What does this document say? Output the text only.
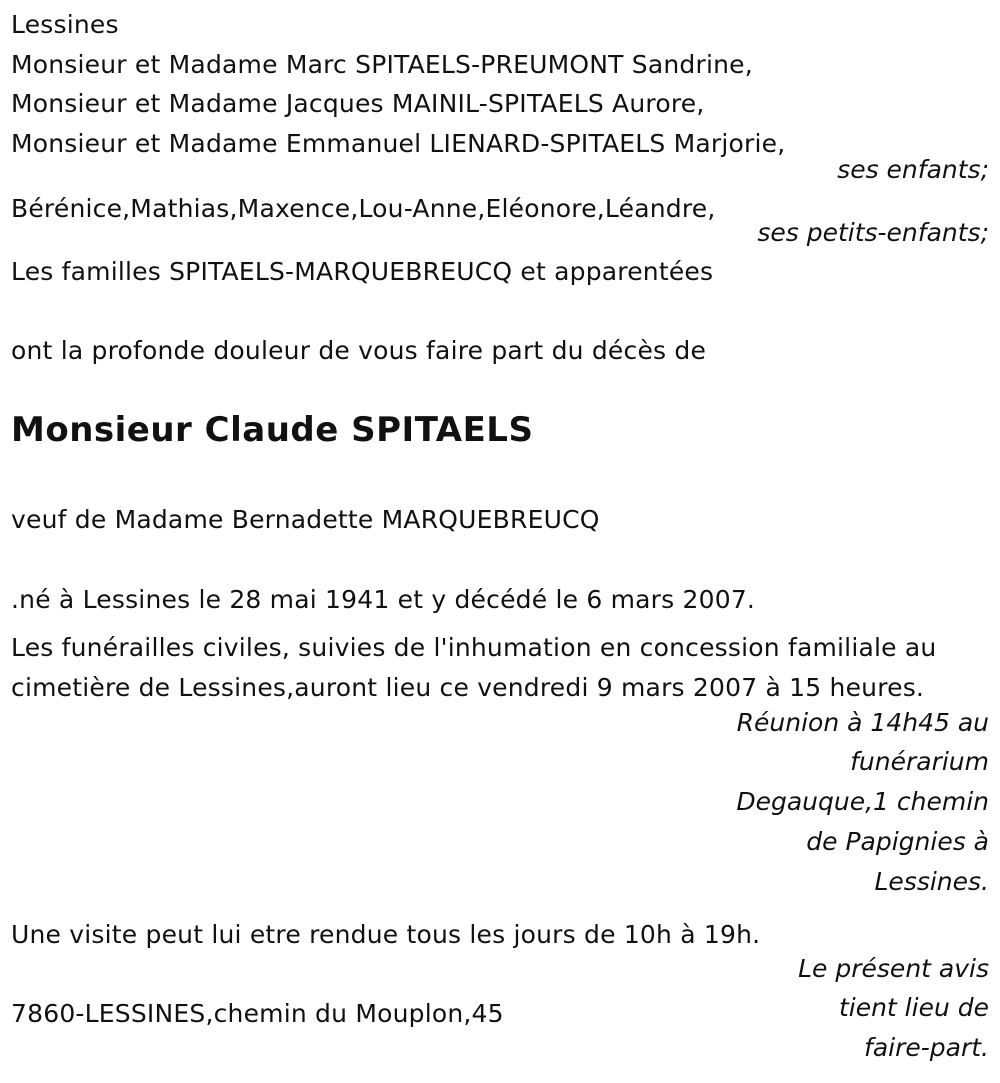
Lessines
Monsieur et Madame Marc SPITAELS-PREUMONT Sandrine,
Monsieur et Madame Jacques MAINIL-SPITAELS Aurore,
Monsieur et Madame Emmanuel LIENARD-SPITAELS Marjorie,
ses enfants;
Bérénice,Mathias,Maxence,Lou-Anne,Eléonore,Léandre,
ses petits-enfants;
Les familles SPITAELS-MARQUEBREUCQ et apparentées
ont la profonde douleur de vous faire part du décès de
Monsieur Claude SPITAELS
veuf de Madame Bernadette MARQUEBREUCQ
.né à Lessines le 28 mai 1941 et y décédé le 6 mars 2007.
Les funérailles civiles, suivies de l'inhumation en concession familiale au
cimetière de Lessines,auront lieu ce vendredi 9 mars 2007 à 15 heures.
Réunion à 14h45 au
funérarium
Degauque,1 chemin
de Papignies à
Lessines.
Une visite peut lui etre rendue tous les jours de 10h à 19h.
Le présent avis
7860-LESSINES,chemin du Mouplon,45	tient lieu de
faire-part.
